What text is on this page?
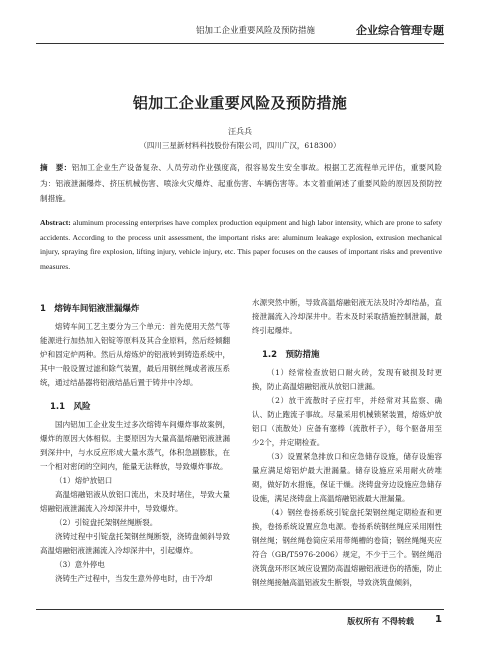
铝加工企业重要风险及预防措施	企业综合管理专题
铝加工企业重要风险及预防措施
汪兵兵
（四川三星新材料科技股份有限公司，四川广汉，618300）
摘　要：铝加工企业生产设备复杂、人员劳动作业强度高，很容易发生安全事故。根据工艺流程单元评估，重要风险为：铝液泄漏爆炸、挤压机械伤害、喷涂火灾爆炸、起重伤害、车辆伤害等。本文着重阐述了重要风险的原因及预防控制措施。
Abstract: aluminum processing enterprises have complex production equipment and high labor intensity, which are prone to safety accidents. According to the process unit assessment, the important risks are: aluminum leakage explosion, extrusion mechanical injury, spraying fire explosion, lifting injury, vehicle injury, etc. This paper focuses on the causes of important risks and preventive measures.
1　熔铸车间铝液泄漏爆炸

熔铸车间工艺主要分为三个单元：首先使用天然气等能源进行加热加入铝锭等原料及其合金原料，然后经倾翻炉和固定炉两种。然后从熔炼炉的铝液转到铸造系统中，其中一般设置过滤和除气装置，最后用钢丝绳或者液压系统，通过结晶器将铝液结晶后置于铸井中冷却。

1.1　风险

国内铝加工企业发生过多次熔铸车间爆炸事故案例，爆炸的原因大体相似。主要原因为大量高温熔融铝液泄漏到深井中，与水反应形成大量水蒸气，体积急剧膨胀，在一个相对密闭的空间内，能量无法释放，导致爆炸事故。

（1）熔炉放铝口

高温熔融铝液从放铝口流出，未及时堵住，导致大量熔融铝液泄漏流入冷却深井中，导致爆炸。

（2）引锭盘托架钢丝绳断裂。

浇铸过程中引锭盘托架钢丝绳断裂，浇铸盘倾斜导致高温熔融铝液泄漏流入冷却深井中，引起爆炸。

（3）意外停电

浇铸生产过程中，当发生意外停电时，由于冷却

水源突然中断，导致高温熔融铝液无法及时冷却结晶，直接泄漏流入冷却深井中。若未及时采取措施控制泄漏，最终引起爆炸。

1.2　预防措施

（1）经常检查放铝口耐火砖，发现有破损及时更换，防止高温熔融铝液从放铝口泄漏。

（2）放干流散时子应打牢，并经常对其监察、确认、防止跑流子事故。尽量采用机械锁紧装置，熔炼炉放铝口（流散处）应备有塞棒（流散杆子），每个驱备用至少2个，并定期检查。

（3）设置紧急排放口和应急储存设施，储存设施容量应满足熔铝炉最大泄漏量。储存设施应采用耐火砖堆砌，做好防水措施，保证干燥。浇铸盘旁边设施应急储存设施，满足浇铸盘上高温熔融铝液最大泄漏量。

（4）钢丝卷扬系统引锭盘托架钢丝绳定期检查和更换，卷扬系统设置应急电源。卷扬系统钢丝绳应采用刚性钢丝绳；钢丝绳卷筒应采用带绳槽的卷筒；钢丝绳绳夹应符合（GB/T5976-2006）规定，不少于三个。钢丝绳沿浇筑盘环形区域应设置防高温熔融铝液迸伤的措施，防止钢丝绳接触高温铝液发生断裂，导致浇筑盘倾斜，

版权所有 不得转载 1
